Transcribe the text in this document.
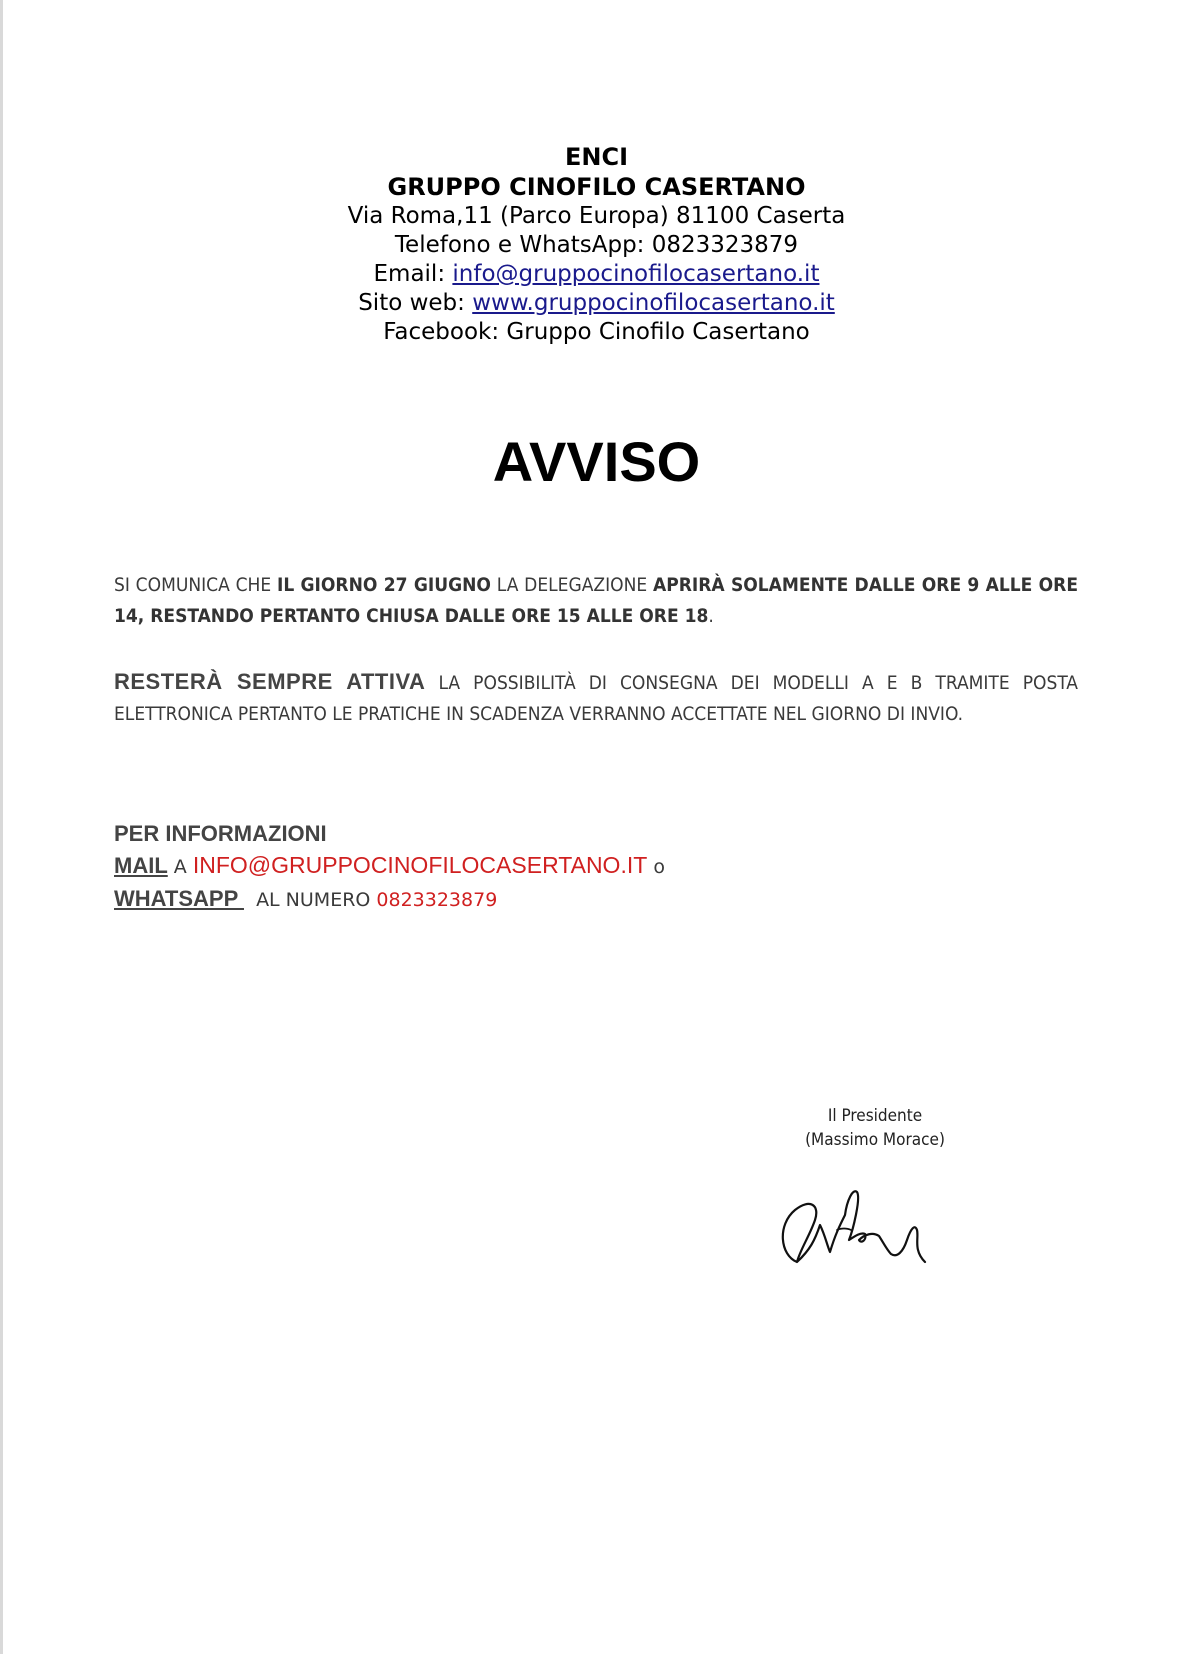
ENCI
GRUPPO CINOFILO CASERTANO
Via Roma,11 (Parco Europa) 81100 Caserta
Telefono e WhatsApp: 0823323879
Email: info@gruppocinofilocasertano.it
Sito web: www.gruppocinofilocasertano.it
Facebook: Gruppo Cinofilo Casertano
AVVISO
SI COMUNICA CHE IL GIORNO 27 GIUGNO LA DELEGAZIONE APRIRÀ SOLAMENTE DALLE ORE 9 ALLE ORE 14, RESTANDO PERTANTO CHIUSA DALLE ORE 15 ALLE ORE 18.
RESTERÀ SEMPRE ATTIVA LA POSSIBILITÀ DI CONSEGNA DEI MODELLI A E B TRAMITE POSTA ELETTRONICA PERTANTO LE PRATICHE IN SCADENZA VERRANNO ACCETTATE NEL GIORNO DI INVIO.
PER INFORMAZIONI
MAIL A INFO@GRUPPOCINOFILOCASERTANO.IT o
WHATSAPP   AL NUMERO 0823323879
Il Presidente
(Massimo Morace)
